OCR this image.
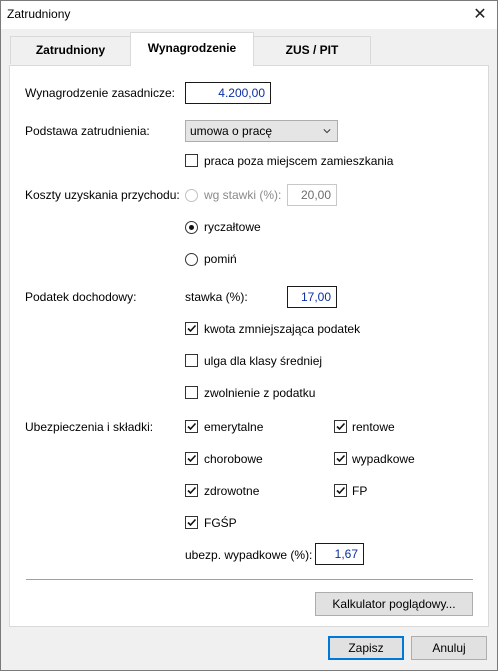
Zatrudniony	✕
Zatrudniony	Wynagrodzenie	ZUS / PIT
Wynagrodzenie zasadnicze:	4.200,00
Podstawa zatrudnienia:	umowa o pracę
praca poza miejscem zamieszkania
Koszty uzyskania przychodu: wg stawki (%):	20,00
ryczałtowe
pomiń
Podatek dochodowy:	stawka (%):	17,00
kwota zmniejszająca podatek
ulga dla klasy średniej
zwolnienie z podatku
Ubezpieczenia i składki:	emerytalne	rentowe
chorobowe	wypadkowe
zdrowotne	FP
FGŚP
ubezp. wypadkowe (%):	1,67
Kalkulator poglądowy...
Zapisz	Anuluj
